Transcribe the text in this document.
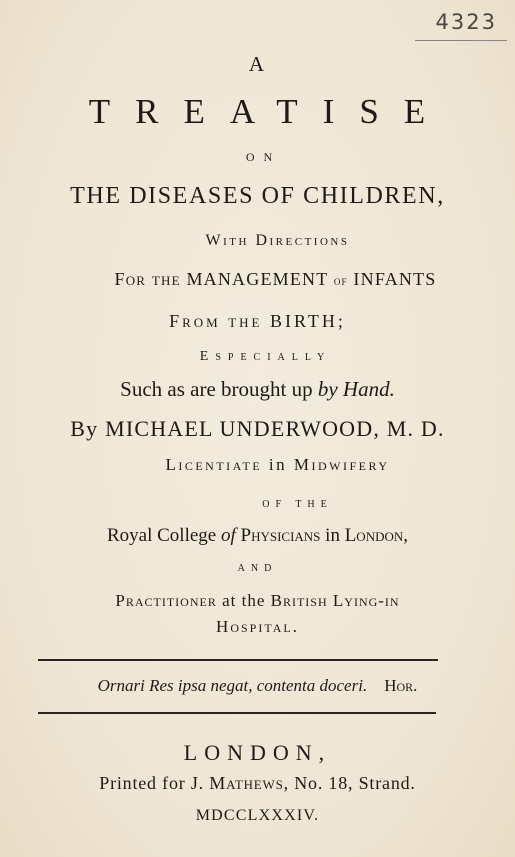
4323
A
TREATISE
ON
THE DISEASES OF CHILDREN,
With Directions
For the MANAGEMENT of INFANTS
From the BIRTH;
Especially
Such as are brought up by Hand.
By MICHAEL UNDERWOOD, M. D.
Licentiate in Midwifery
OF THE
Royal College of Physicians in London,
AND
Practitioner at the British Lying-in
Hospital.
Ornari Res ipsa negat, contenta doceri. Hor.
LONDON,
Printed for J. Mathews, No. 18, Strand.
MDCCLXXXIV.
